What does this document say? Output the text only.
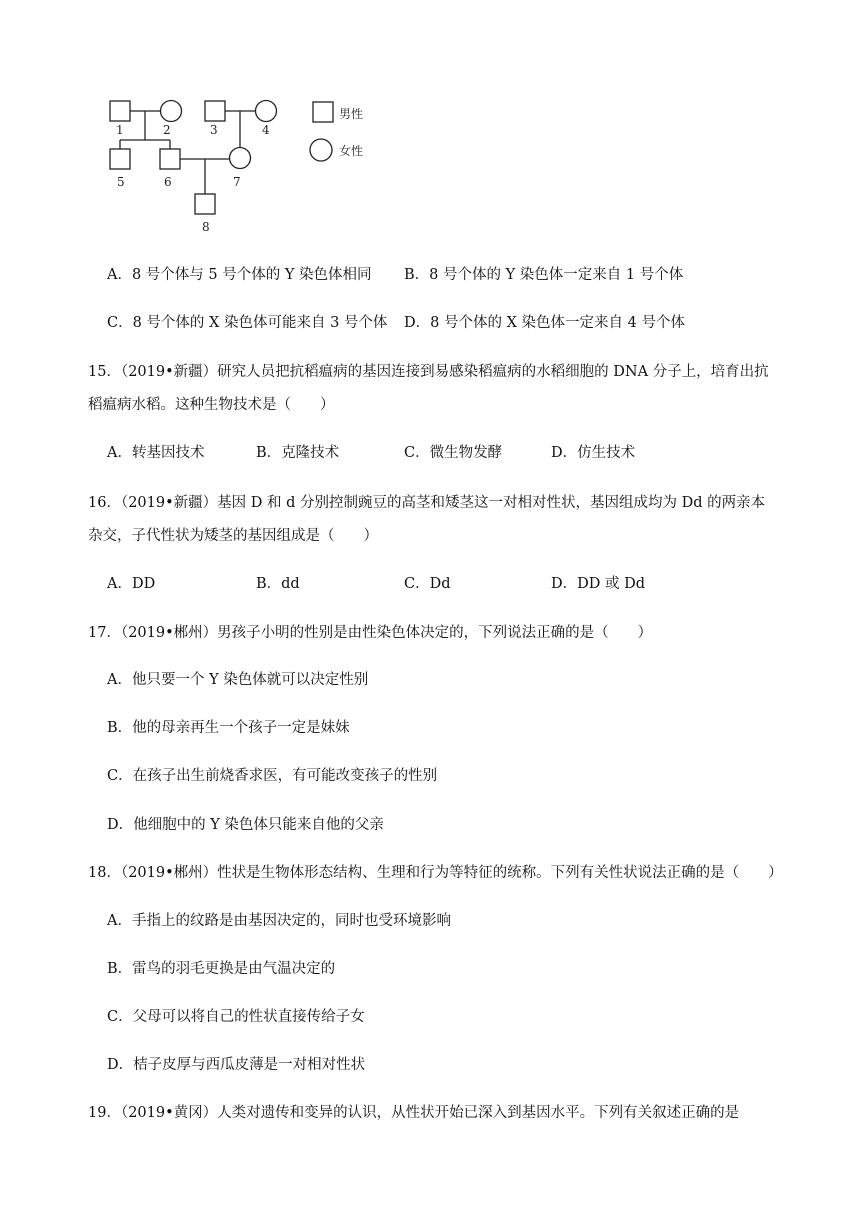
1	2	3	4
5	6	7
8
男性
女性
A．8 号个体与 5 号个体的 Y 染色体相同 B．8 号个体的 Y 染色体一定来自 1 号个体
C．8 号个体的 X 染色体可能来自 3 号个体 D．8 号个体的 X 染色体一定来自 4 号个体
15．（2019•新疆）研究人员把抗稻瘟病的基因连接到易感染稻瘟病的水稻细胞的 DNA 分子上，培育出抗
稻瘟病水稻。这种生物技术是（　　）
A．转基因技术	B．克隆技术	C．微生物发酵	D．仿生技术
16．（2019•新疆）基因 D 和 d 分别控制豌豆的高茎和矮茎这一对相对性状，基因组成均为 Dd 的两亲本
杂交，子代性状为矮茎的基因组成是（　　）
A．DD	B．dd	C．Dd	D．DD 或 Dd
17．（2019•郴州）男孩子小明的性别是由性染色体决定的，下列说法正确的是（　　）
A．他只要一个 Y 染色体就可以决定性别
B．他的母亲再生一个孩子一定是妹妹
C．在孩子出生前烧香求医，有可能改变孩子的性别
D．他细胞中的 Y 染色体只能来自他的父亲
18．（2019•郴州）性状是生物体形态结构、生理和行为等特征的统称。下列有关性状说法正确的是（　　）
A．手指上的纹路是由基因决定的，同时也受环境影响
B．雷鸟的羽毛更换是由气温决定的
C．父母可以将自己的性状直接传给子女
D．桔子皮厚与西瓜皮薄是一对相对性状
19．（2019•黄冈）人类对遗传和变异的认识，从性状开始已深入到基因水平。下列有关叙述正确的是
